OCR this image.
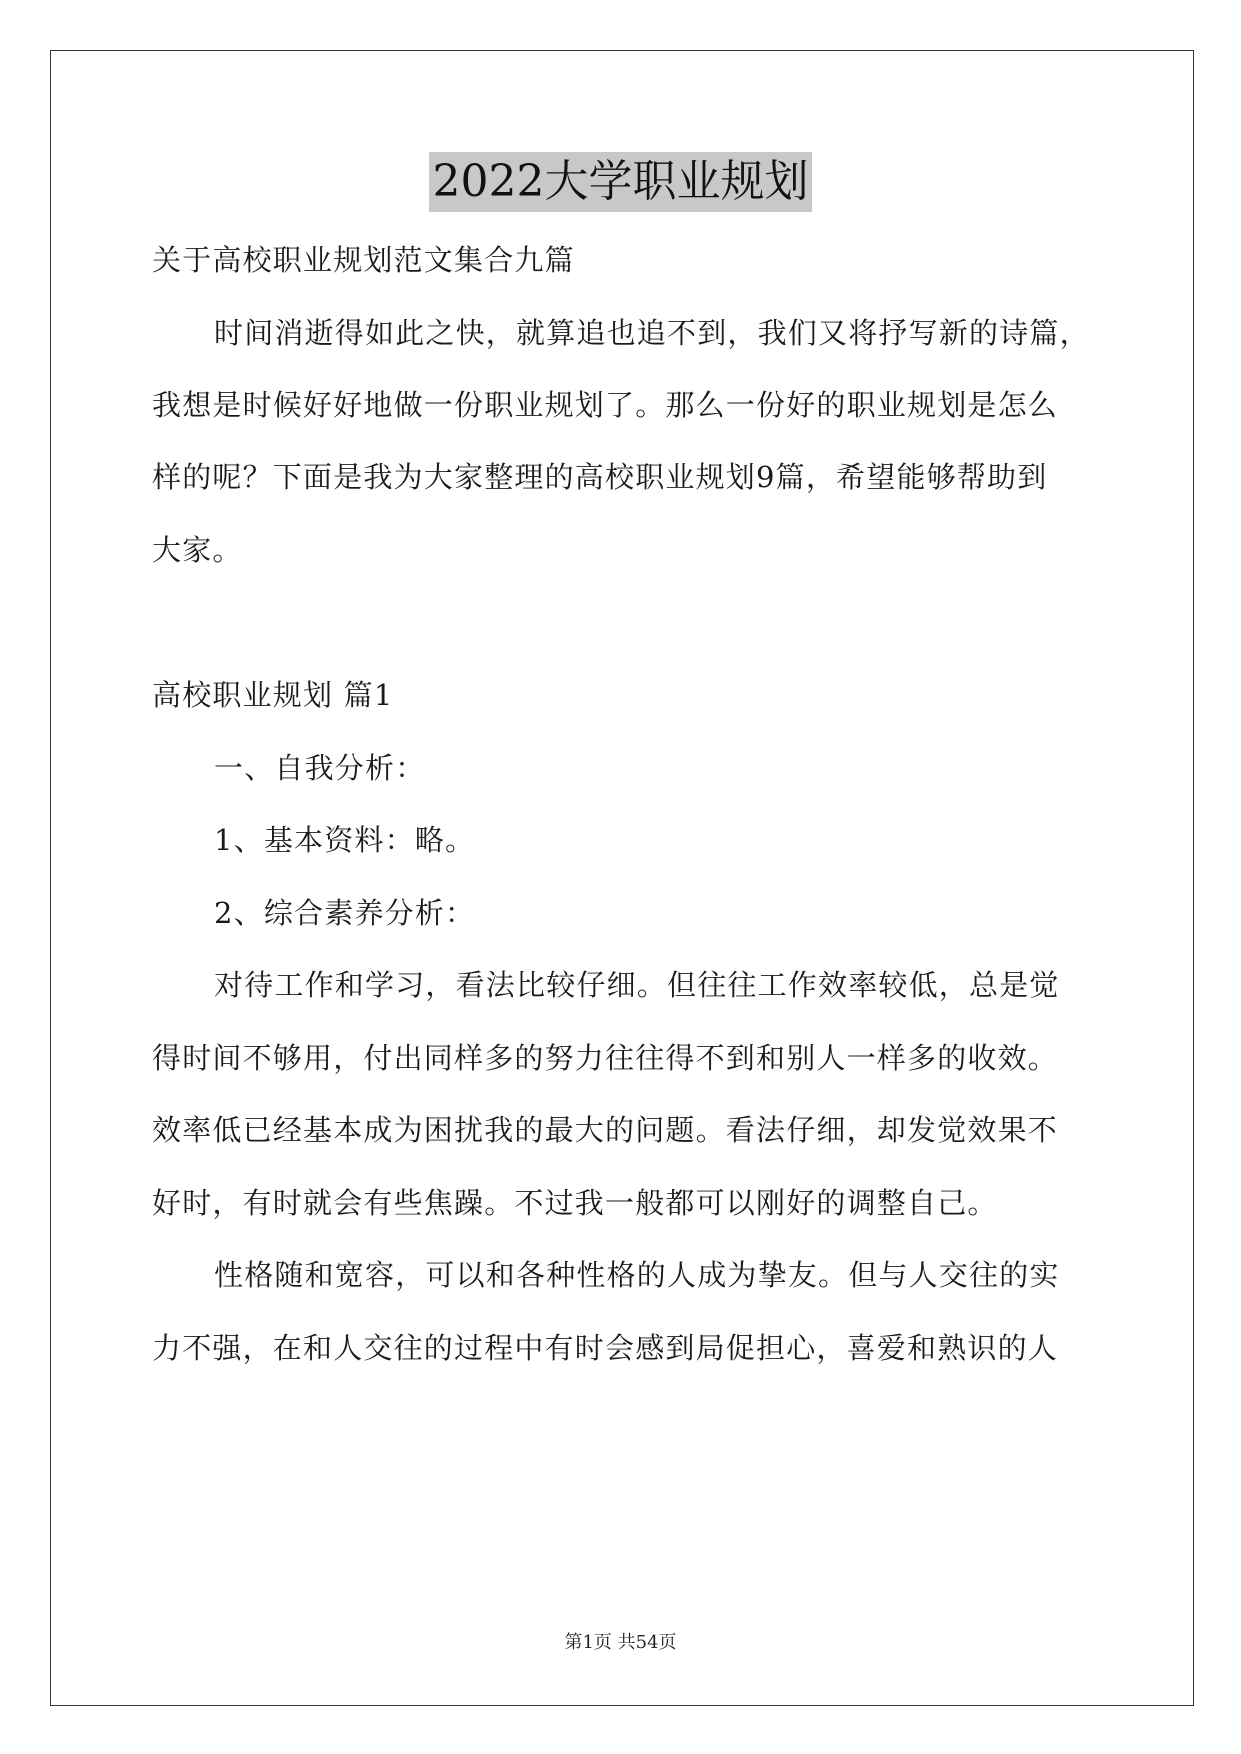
2022大学职业规划
关于高校职业规划范文集合九篇
时间消逝得如此之快，就算追也追不到，我们又将抒写新的诗篇，
我想是时候好好地做一份职业规划了。那么一份好的职业规划是怎么
样的呢？下面是我为大家整理的高校职业规划9篇，希望能够帮助到
大家。
高校职业规划 篇1
一、自我分析：
1、基本资料：略。
2、综合素养分析：
对待工作和学习，看法比较仔细。但往往工作效率较低，总是觉
得时间不够用，付出同样多的努力往往得不到和别人一样多的收效。
效率低已经基本成为困扰我的最大的问题。看法仔细，却发觉效果不
好时，有时就会有些焦躁。不过我一般都可以刚好的调整自己。
性格随和宽容，可以和各种性格的人成为挚友。但与人交往的实
力不强，在和人交往的过程中有时会感到局促担心，喜爱和熟识的人
第1页 共54页
